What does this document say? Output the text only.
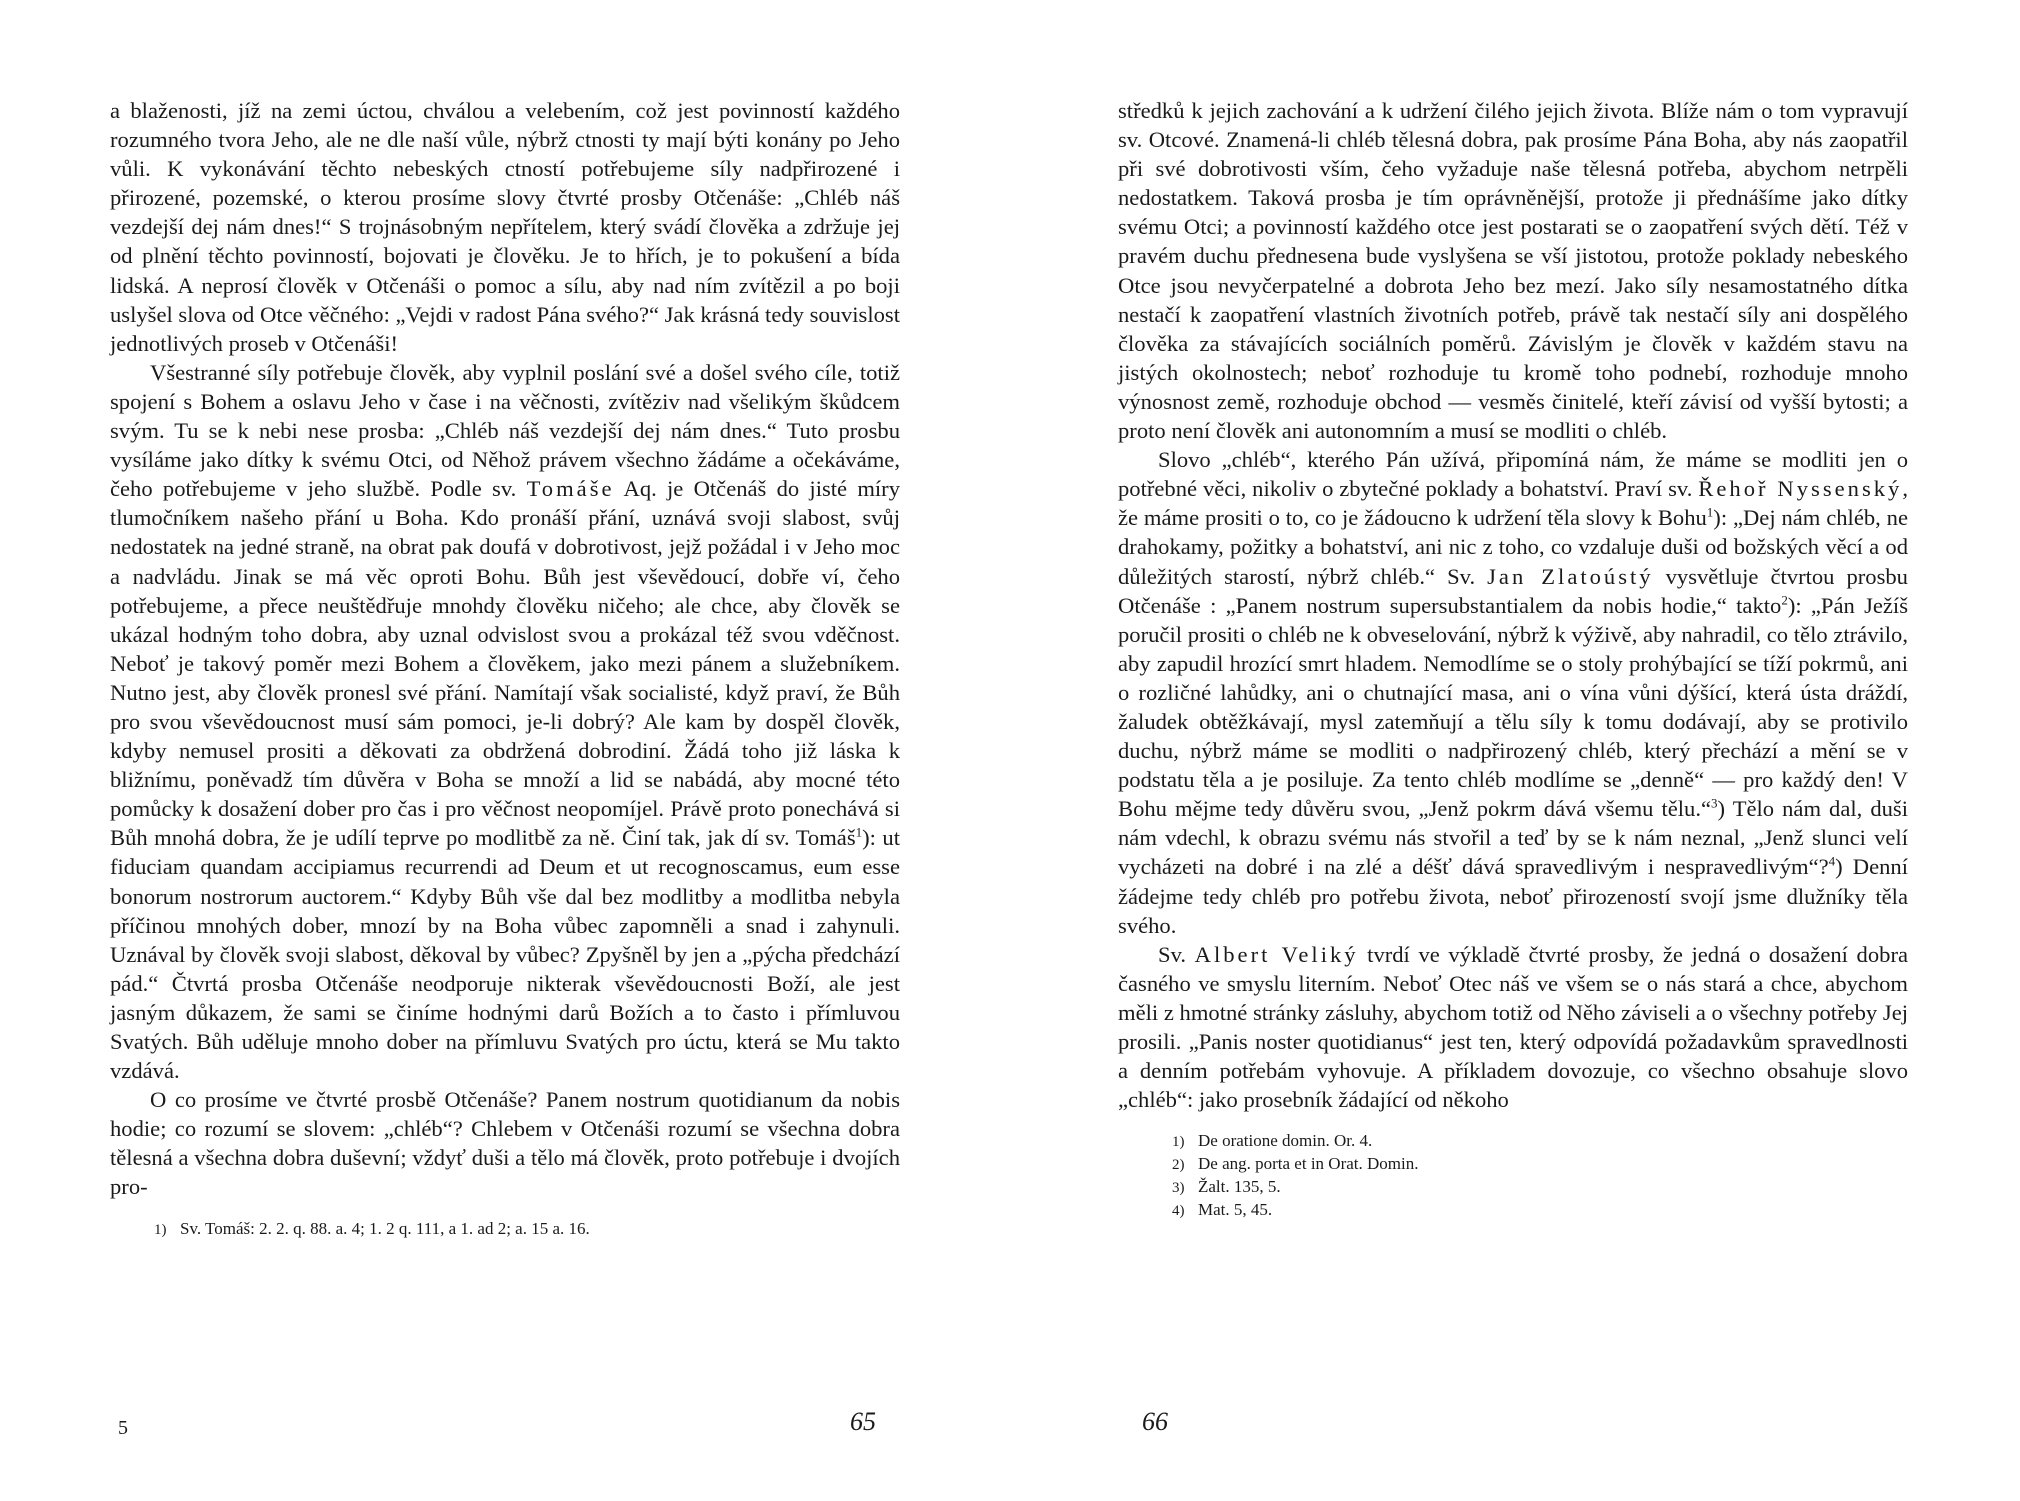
a blaženosti, jíž na zemi úctou, chválou a velebením, což jest povinností každého rozumného tvora Jeho, ale ne dle naší vůle, nýbrž ctnosti ty mají býti konány po Jeho vůli. K vykonávání těchto nebeských ctností potřebujeme síly nadpřirozené i přirozené, pozemské, o kterou prosíme slovy čtvrté prosby Otčenáše: „Chléb náš vezdejší dej nám dnes!“ S trojnásobným nepřítelem, který svádí člověka a zdržuje jej od plnění těchto povinností, bojovati je člověku. Je to hřích, je to pokušení a bída lidská. A neprosí člověk v Otčenáši o pomoc a sílu, aby nad ním zvítězil a po boji uslyšel slova od Otce věčného: „Vejdi v radost Pána svého?“ Jak krásná tedy souvislost jednotlivých proseb v Otčenáši!

Všestranné síly potřebuje člověk, aby vyplnil poslání své a došel svého cíle, totiž spojení s Bohem a oslavu Jeho v čase i na věčnosti, zvítěziv nad všelikým škůdcem svým. Tu se k nebi nese prosba: „Chléb náš vezdejší dej nám dnes.“ Tuto prosbu vysíláme jako dítky k svému Otci, od Něhož právem všechno žádáme a očekáváme, čeho potřebujeme v jeho službě. Podle sv. Tomáše Aq. je Otčenáš do jisté míry tlumočníkem našeho přání u Boha. Kdo pronáší přání, uznává svoji slabost, svůj nedostatek na jedné straně, na obrat pak doufá v dobrotivost, jejž požádal i v Jeho moc a nadvládu. Jinak se má věc oproti Bohu. Bůh jest vševědoucí, dobře ví, čeho potřebujeme, a přece neuštědřuje mnohdy člověku ničeho; ale chce, aby člověk se ukázal hodným toho dobra, aby uznal odvislost svou a prokázal též svou vděčnost. Neboť je takový poměr mezi Bohem a člověkem, jako mezi pánem a služebníkem. Nutno jest, aby člověk pronesl své přání. Namítají však socialisté, když praví, že Bůh pro svou vševědoucnost musí sám pomoci, je-li dobrý? Ale kam by dospěl člověk, kdyby nemusel prositi a děkovati za obdržená dobrodiní. Žádá toho již láska k bližnímu, poněvadž tím důvěra v Boha se množí a lid se nabádá, aby mocné této pomůcky k dosažení dober pro čas i pro věčnost neopomíjel. Právě proto ponechává si Bůh mnohá dobra, že je udílí teprve po modlitbě za ně. Činí tak, jak dí sv. Tomáš$^1$): ut fiduciam quandam accipiamus recurrendi ad Deum et ut recognoscamus, eum esse bonorum nostrorum auctorem.“ Kdyby Bůh vše dal bez modlitby a modlitba nebyla příčinou mnohých dober, mnozí by na Boha vůbec zapomněli a snad i zahynuli. Uznával by člověk svoji slabost, děkoval by vůbec? Zpyšněl by jen a „pýcha předchází pád.“ Čtvrtá prosba Otčenáše neodporuje nikterak vševědoucnosti Boží, ale jest jasným důkazem, že sami se činíme hodnými darů Božích a to často i přímluvou Svatých. Bůh uděluje mnoho dober na přímluvu Svatých pro úctu, která se Mu takto vzdává.

O co prosíme ve čtvrté prosbě Otčenáše? Panem nostrum quotidianum da nobis hodie; co rozumí se slovem: „chléb“? Chlebem v Otčenáši rozumí se všechna dobra tělesná a všechna dobra duševní; vždyť duši a tělo má člověk, proto potřebuje i dvojích pro-

1) Sv. Tomáš: 2. 2. q. 88. a. 4; 1. 2 q. 111, a 1. ad 2; a. 15 a. 16.

středků k jejich zachování a k udržení čilého jejich života. Blíže nám o tom vypravují sv. Otcové. Znamená-li chléb tělesná dobra, pak prosíme Pána Boha, aby nás zaopatřil při své dobrotivosti vším, čeho vyžaduje naše tělesná potřeba, abychom netrpěli nedostatkem. Taková prosba je tím oprávněnější, protože ji přednášíme jako dítky svému Otci; a povinností každého otce jest postarati se o zaopatření svých dětí. Též v pravém duchu přednesena bude vyslyšena se vší jistotou, protože poklady nebeského Otce jsou nevyčerpatelné a dobrota Jeho bez mezí. Jako síly nesamostatného dítka nestačí k zaopatření vlastních životních potřeb, právě tak nestačí síly ani dospělého člověka za stávajících sociálních poměrů. Závislým je člověk v každém stavu na jistých okolnostech; neboť rozhoduje tu kromě toho podnebí, rozhoduje mnoho výnosnost země, rozhoduje obchod — vesměs činitelé, kteří závisí od vyšší bytosti; a proto není člověk ani autonomním a musí se modliti o chléb.

Slovo „chléb“, kterého Pán užívá, připomíná nám, že máme se modliti jen o potřebné věci, nikoliv o zbytečné poklady a bohatství. Praví sv. Řehoř Nyssenský, že máme prositi o to, co je žádoucno k udržení těla slovy k Bohu$^1$): „Dej nám chléb, ne drahokamy, požitky a bohatství, ani nic z toho, co vzdaluje duši od božských věcí a od důležitých starostí, nýbrž chléb.“ Sv. Jan Zlatoústý vysvětluje čtvrtou prosbu Otčenáše : „Panem nostrum supersubstantialem da nobis hodie,“ takto$^2$): „Pán Ježíš poručil prositi o chléb ne k obveselování, nýbrž k výživě, aby nahradil, co tělo ztrávilo, aby zapudil hrozící smrt hladem. Nemodlíme se o stoly prohýbající se tíží pokrmů, ani o rozličné lahůdky, ani o chutnající masa, ani o vína vůni dýšící, která ústa dráždí, žaludek obtěžkávají, mysl zatemňují a tělu síly k tomu dodávají, aby se protivilo duchu, nýbrž máme se modliti o nadpřirozený chléb, který přechází a mění se v podstatu těla a je posiluje. Za tento chléb modlíme se „denně“ — pro každý den! V Bohu mějme tedy důvěru svou, „Jenž pokrm dává všemu tělu.“$^3$) Tělo nám dal, duši nám vdechl, k obrazu svému nás stvořil a teď by se k nám neznal, „Jenž slunci velí vycházeti na dobré i na zlé a déšť dává spravedlivým i nespravedlivým“?$^4$) Denní žádejme tedy chléb pro potřebu života, neboť přirozeností svojí jsme dlužníky těla svého.

Sv. Albert Veliký tvrdí ve výkladě čtvrté prosby, že jedná o dosažení dobra časného ve smyslu literním. Neboť Otec náš ve všem se o nás stará a chce, abychom měli z hmotné stránky zásluhy, abychom totiž od Něho záviseli a o všechny potřeby Jej prosili. „Panis noster quotidianus“ jest ten, který odpovídá požadavkům spravedlnosti a denním potřebám vyhovuje. A příkladem dovozuje, co všechno obsahuje slovo „chléb“: jako prosebník žádající od někoho

1) De oratione domin. Or. 4.
2) De ang. porta et in Orat. Domin.
3) Žalt. 135, 5.
4) Mat. 5, 45.
5	65	66
